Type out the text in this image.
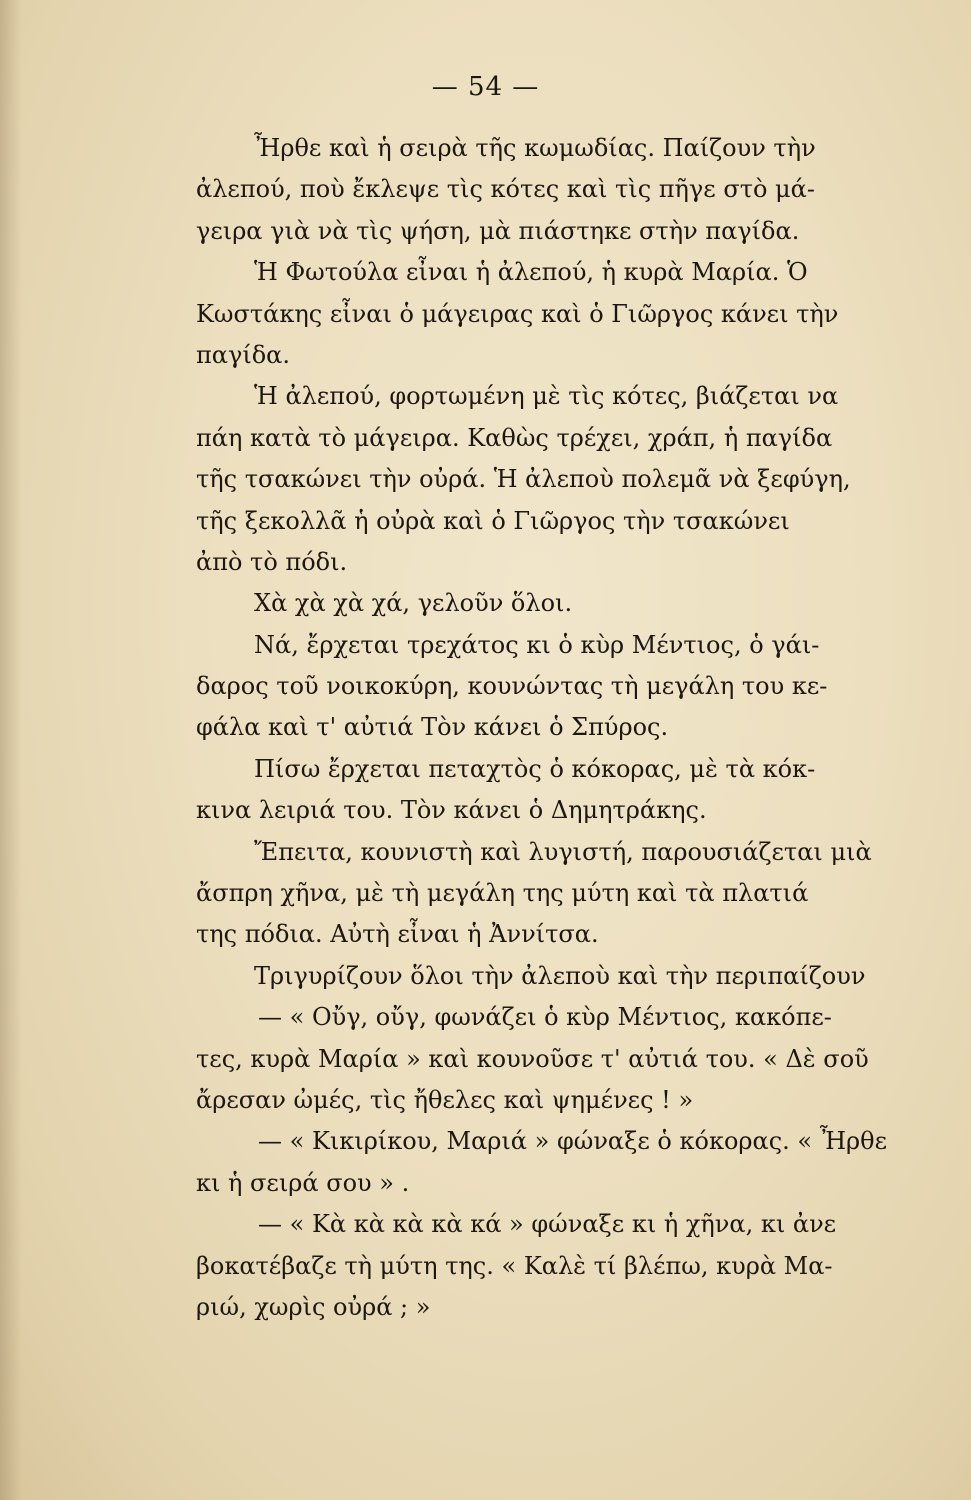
— 54 —
Ἦρθε καὶ ἡ σειρὰ τῆς κωμωδίας. Παίζουν τὴν
ἀλεπού, ποὺ ἔκλεψε τὶς κότες καὶ τὶς πῆγε στὸ μά-
γειρα γιὰ νὰ τὶς ψήση, μὰ πιάστηκε στὴν παγίδα.
Ἡ Φωτούλα εἶναι ἡ ἀλεπού, ἡ κυρὰ Μαρία. Ὁ
Κωστάκης εἶναι ὁ μάγειρας καὶ ὁ Γιῶργος κάνει τὴν
παγίδα.
Ἡ ἀλεπού, φορτωμένη μὲ τὶς κότες, βιάζεται να
πάη κατὰ τὸ μάγειρα. Καθὼς τρέχει, χράπ, ἡ παγίδα
τῆς τσακώνει τὴν οὐρά. Ἡ ἀλεποὺ πολεμᾶ νὰ ξεφύγη,
τῆς ξεκολλᾶ ἡ οὐρὰ καὶ ὁ Γιῶργος τὴν τσακώνει
ἀπὸ τὸ πόδι.
Χὰ χὰ χὰ χά, γελοῦν ὅλοι.
Νά, ἔρχεται τρεχάτος κι ὁ κὺρ Μέντιος, ὁ γάι-
δαρος τοῦ νοικοκύρη, κουνώντας τὴ μεγάλη του κε-
φάλα καὶ τ' αὐτιά Τὸν κάνει ὁ Σπύρος.
Πίσω ἔρχεται πεταχτὸς ὁ κόκορας, μὲ τὰ κόκ-
κινα λειριά του. Τὸν κάνει ὁ Δημητράκης.
Ἔπειτα, κουνιστὴ καὶ λυγιστή, παρουσιάζεται μιὰ
ἄσπρη χῆνα, μὲ τὴ μεγάλη της μύτη καὶ τὰ πλατιά
της πόδια. Αὐτὴ εἶναι ἡ Ἀννίτσα.
Τριγυρίζουν ὅλοι τὴν ἀλεποὺ καὶ τὴν περιπαίζουν
— « Οὔγ, οὔγ, φωνάζει ὁ κὺρ Μέντιος, κακόπε-
τες, κυρὰ Μαρία » καὶ κουνοῦσε τ' αὐτιά του. « Δὲ σοῦ
ἄρεσαν ὠμές, τὶς ἤθελες καὶ ψημένες ! »
— « Κικιρίκου, Μαριά » φώναξε ὁ κόκορας. « Ἦρθε
κι ἡ σειρά σου » .
— « Κὰ κὰ κὰ κὰ κά » φώναξε κι ἡ χῆνα, κι ἀνε
βοκατέβαζε τὴ μύτη της. « Καλὲ τί βλέπω, κυρὰ Μα-
ριώ, χωρὶς οὐρά ; »
